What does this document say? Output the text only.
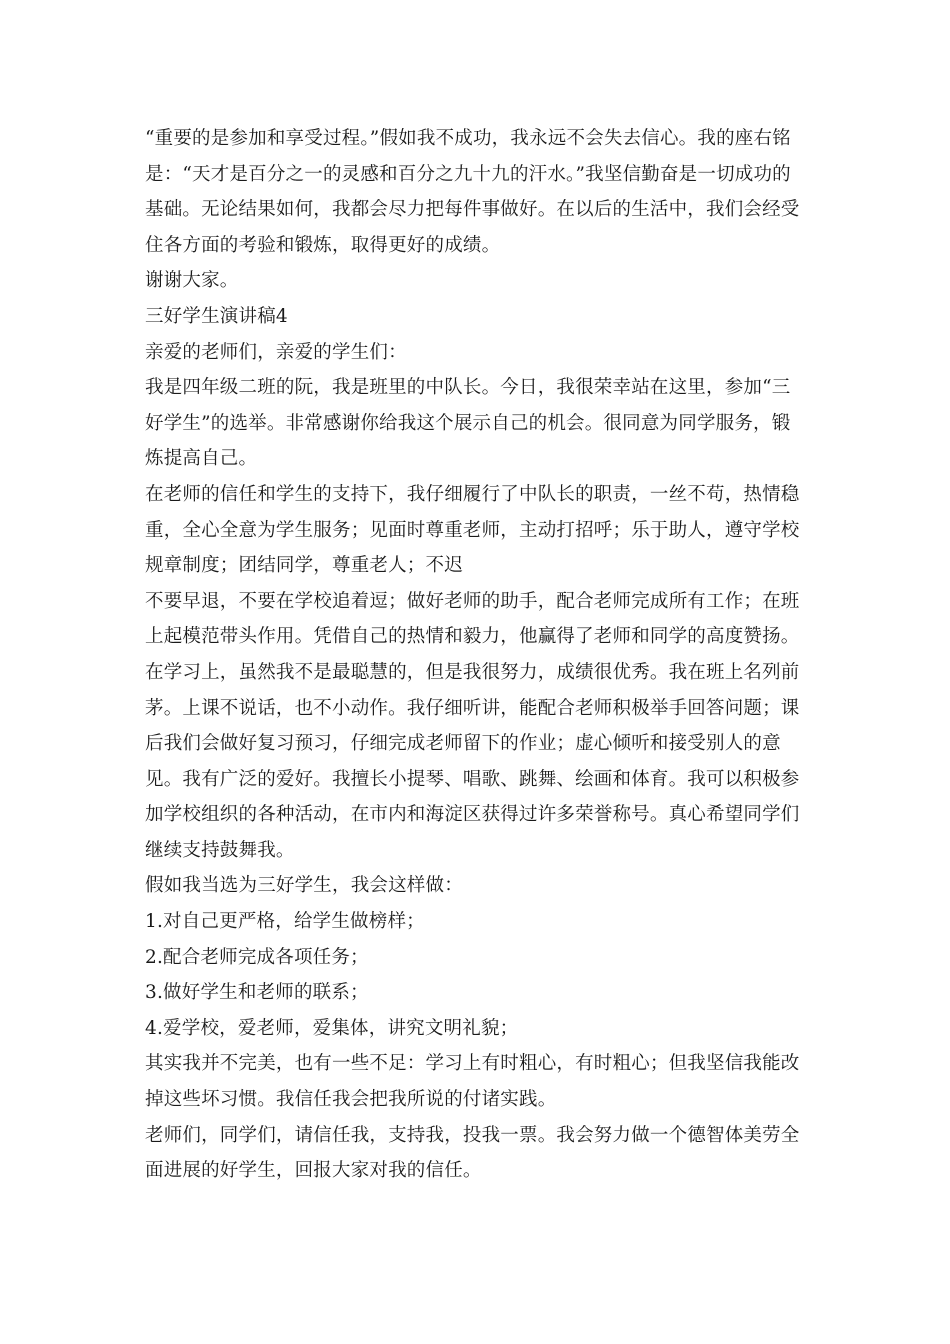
“重要的是参加和享受过程。”假如我不成功，我永远不会失去信心。我的座右铭是：“天才是百分之一的灵感和百分之九十九的汗水。”我坚信勤奋是一切成功的基础。无论结果如何，我都会尽力把每件事做好。在以后的生活中，我们会经受住各方面的考验和锻炼，取得更好的成绩。

谢谢大家。

三好学生演讲稿4

亲爱的老师们，亲爱的学生们：

我是四年级二班的阮，我是班里的中队长。今日，我很荣幸站在这里，参加“三好学生”的选举。非常感谢你给我这个展示自己的机会。很同意为同学服务，锻炼提高自己。

在老师的信任和学生的支持下，我仔细履行了中队长的职责，一丝不苟，热情稳重，全心全意为学生服务；见面时尊重老师，主动打招呼；乐于助人，遵守学校规章制度；团结同学，尊重老人；不迟

不要早退，不要在学校追着逗；做好老师的助手，配合老师完成所有工作；在班上起模范带头作用。凭借自己的热情和毅力，他赢得了老师和同学的高度赞扬。在学习上，虽然我不是最聪慧的，但是我很努力，成绩很优秀。我在班上名列前茅。上课不说话，也不小动作。我仔细听讲，能配合老师积极举手回答问题；课后我们会做好复习预习，仔细完成老师留下的作业；虚心倾听和接受别人的意见。我有广泛的爱好。我擅长小提琴、唱歌、跳舞、绘画和体育。我可以积极参加学校组织的各种活动，在市内和海淀区获得过许多荣誉称号。真心希望同学们继续支持鼓舞我。

假如我当选为三好学生，我会这样做：

1.对自己更严格，给学生做榜样；

2.配合老师完成各项任务；

3.做好学生和老师的联系；

4.爱学校，爱老师，爱集体，讲究文明礼貌；

其实我并不完美，也有一些不足：学习上有时粗心，有时粗心；但我坚信我能改掉这些坏习惯。我信任我会把我所说的付诸实践。

老师们，同学们，请信任我，支持我，投我一票。我会努力做一个德智体美劳全面进展的好学生，回报大家对我的信任。
